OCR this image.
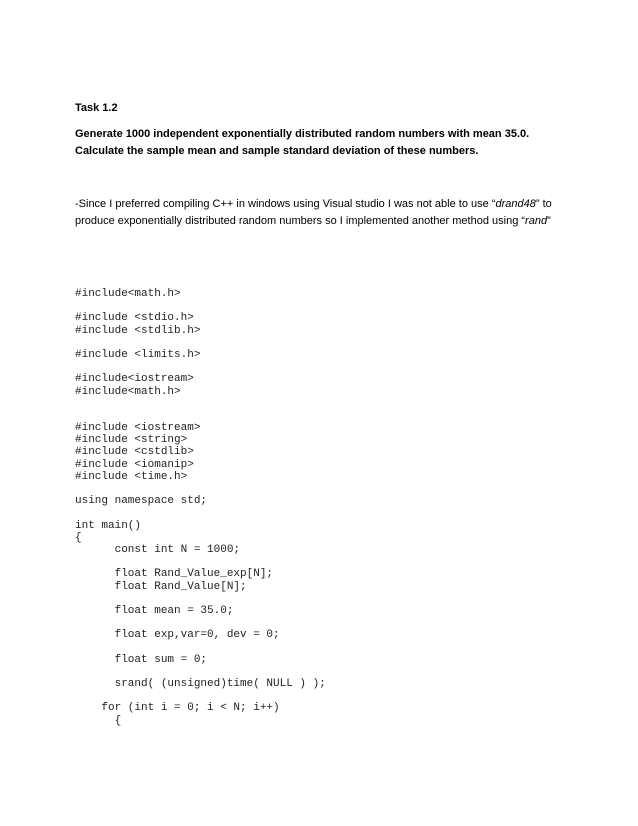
Task 1.2

Generate 1000 independent exponentially distributed random numbers with mean 35.0. Calculate the sample mean and sample standard deviation of these numbers.

-Since I preferred compiling C++ in windows using Visual studio I was not able to use “drand48” to produce exponentially distributed random numbers so I implemented another method using “rand”

#include<math.h>
#include <stdio.h>
#include <stdlib.h>
#include <limits.h>
#include<iostream>
#include<math.h>
#include <iostream>
#include <string>
#include <cstdlib>
#include <iomanip>
#include <time.h>
using namespace std;
int main()
{
const int N = 1000;
float Rand_Value_exp[N];
float Rand_Value[N];
float mean = 35.0;
float exp,var=0, dev = 0;
float sum = 0;
srand( (unsigned)time( NULL ) );
for (int i = 0; i < N; i++)
{
